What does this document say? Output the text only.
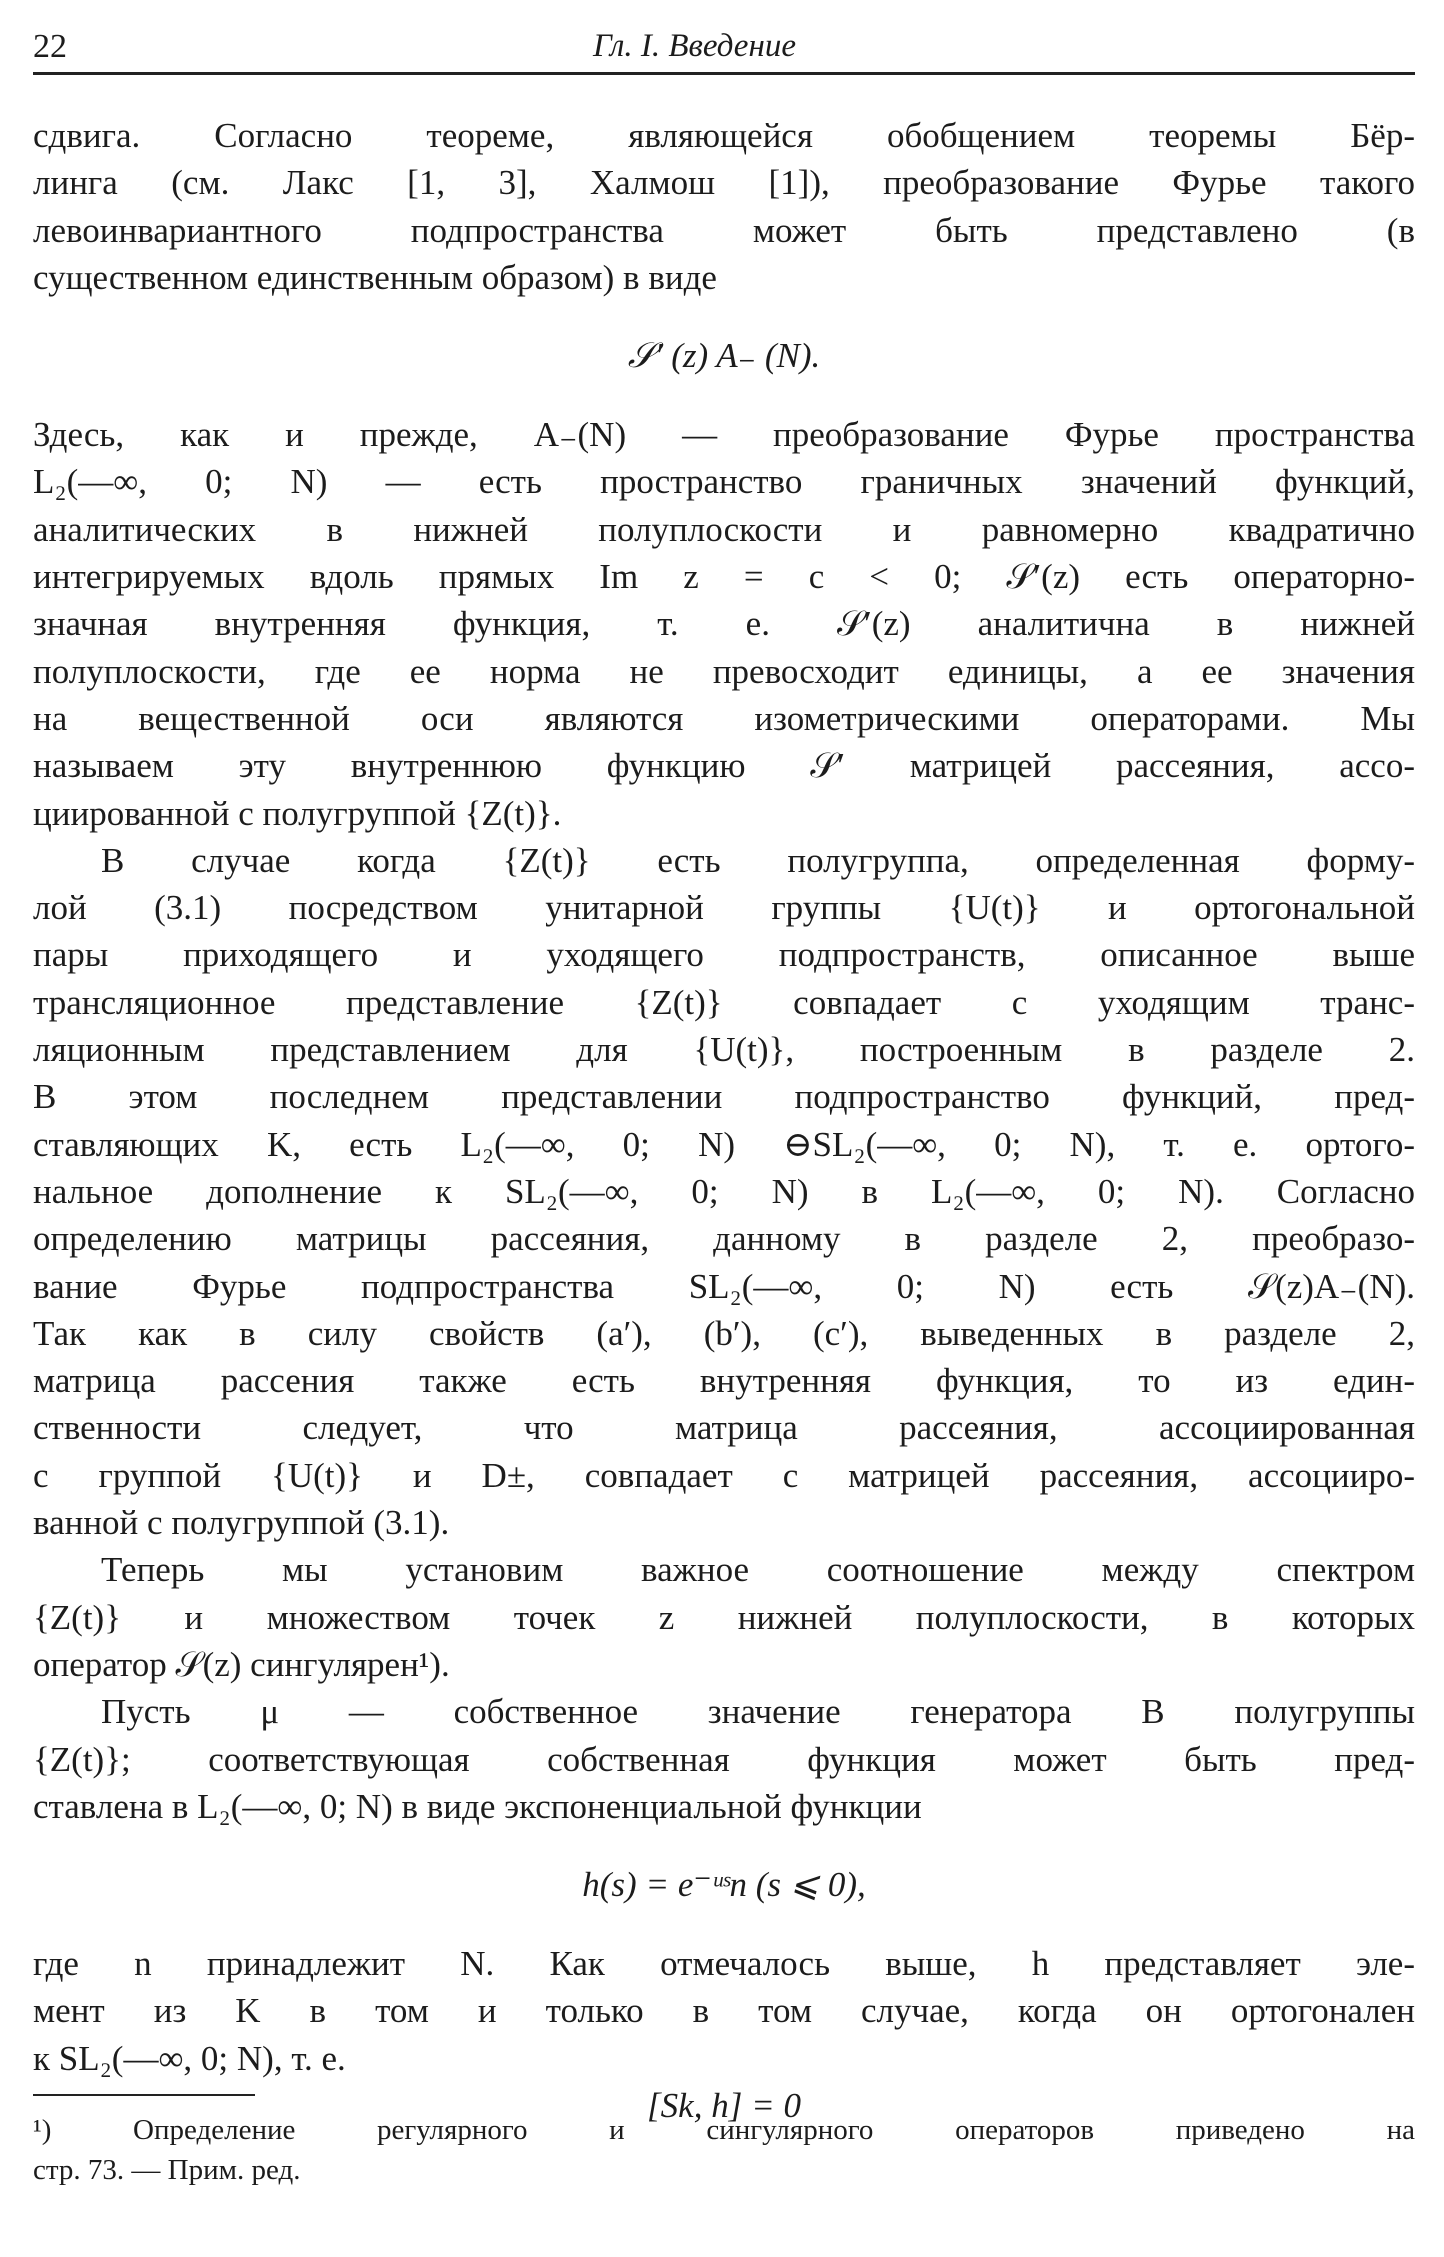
22	Гл. I. Введение
сдвига. Согласно теореме, являющейся обобщением теоремы Бёр-
линга (см. Лакс [1, 3], Халмош [1]), преобразование Фурье такого
левоинвариантного подпространства может быть представлено (в
существенном единственным образом) в виде
𝒮′ (z) A₋ (N).
Здесь, как и прежде, A₋(N) — преобразование Фурье пространства
L₂(—∞, 0; N) — есть пространство граничных значений функций,
аналитических в нижней полуплоскости и равномерно квадратично
интегрируемых вдоль прямых Im z = c < 0; 𝒮′(z) есть операторно-
значная внутренняя функция, т. е. 𝒮′(z) аналитична в нижней
полуплоскости, где ее норма не превосходит единицы, а ее значения
на вещественной оси являются изометрическими операторами. Мы
называем эту внутреннюю функцию 𝒮′ матрицей рассеяния, ассо-
циированной с полугруппой {Z(t)}.
В случае когда {Z(t)} есть полугруппа, определенная форму-
лой (3.1) посредством унитарной группы {U(t)} и ортогональной
пары приходящего и уходящего подпространств, описанное выше
трансляционное представление {Z(t)} совпадает с уходящим транс-
ляционным представлением для {U(t)}, построенным в разделе 2.
В этом последнем представлении подпространство функций, пред-
ставляющих K, есть L₂(—∞, 0; N) ⊖SL₂(—∞, 0; N), т. е. ортого-
нальное дополнение к SL₂(—∞, 0; N) в L₂(—∞, 0; N). Согласно
определению матрицы рассеяния, данному в разделе 2, преобразо-
вание Фурье подпространства SL₂(—∞, 0; N) есть 𝒮(z)A₋(N).
Так как в силу свойств (a′), (b′), (c′), выведенных в разделе 2,
матрица рассения также есть внутренняя функция, то из един-
ственности следует, что матрица рассеяния, ассоциированная
с группой {U(t)} и D±, совпадает с матрицей рассеяния, ассоцииро-
ванной с полугруппой (3.1).
Теперь мы установим важное соотношение между спектром
{Z(t)} и множеством точек z нижней полуплоскости, в которых
оператор 𝒮(z) сингулярен¹).
Пусть μ — собственное значение генератора B полугруппы
{Z(t)}; соответствующая собственная функция может быть пред-
ставлена в L₂(—∞, 0; N) в виде экспоненциальной функции
h(s) = e⁻ᵘˢn (s ⩽ 0),
где n принадлежит N. Как отмечалось выше, h представляет эле-
мент из K в том и только в том случае, когда он ортогонален
к SL₂(—∞, 0; N), т. е.
[Sk, h] = 0
¹) Определение регулярного и сингулярного операторов приведено на
стр. 73. — Прим. ред.
